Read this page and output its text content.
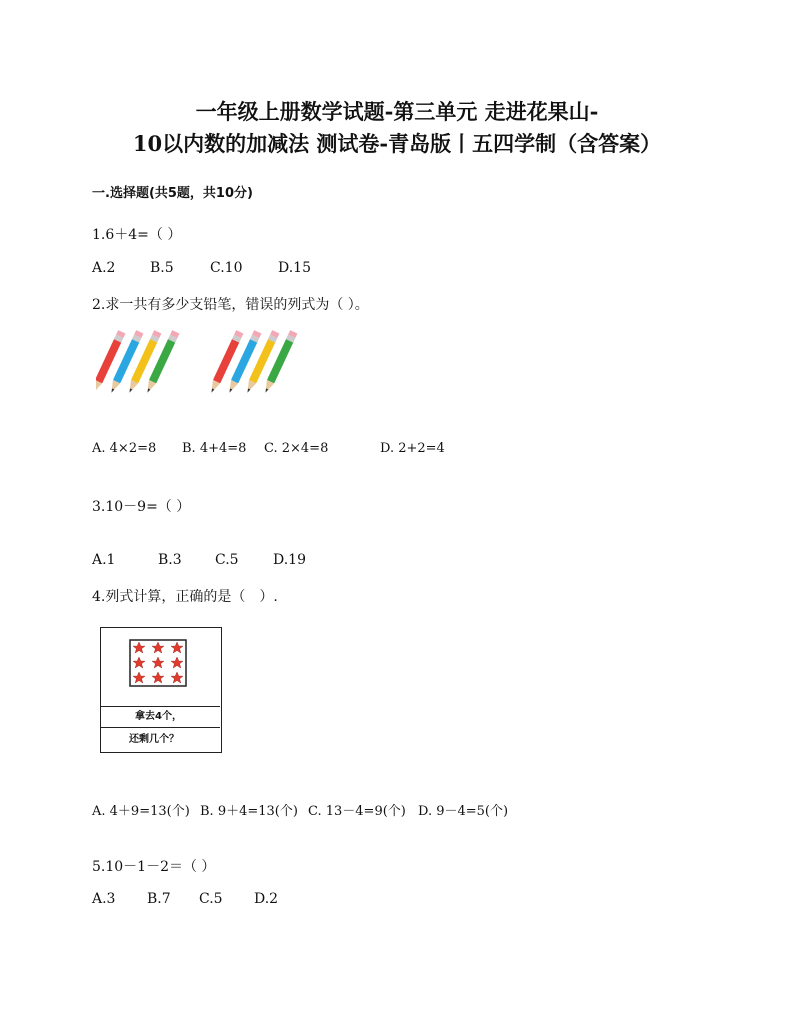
一年级上册数学试题-第三单元 走进花果山-
10以内数的加减法 测试卷-青岛版丨五四学制（含答案）
一.选择题(共5题，共10分)
1.6＋4=（ ）
A.2 B.5	C.10	D.15
2.求一共有多少支铅笔，错误的列式为（ ）。
A. 4×2=8 B. 4+4=8 C. 2×4=8	D. 2+2=4
3.10－9=（ ）
A.1	B.3 C.5 D.19
4.列式计算，正确的是（　）.
拿去4个，
还剩几个？
A. 4＋9=13(个) B. 9＋4=13(个) C. 13－4=9(个) D. 9－4=5(个)
5.10－1－2＝（ ）
A.3 B.7 C.5 D.2
